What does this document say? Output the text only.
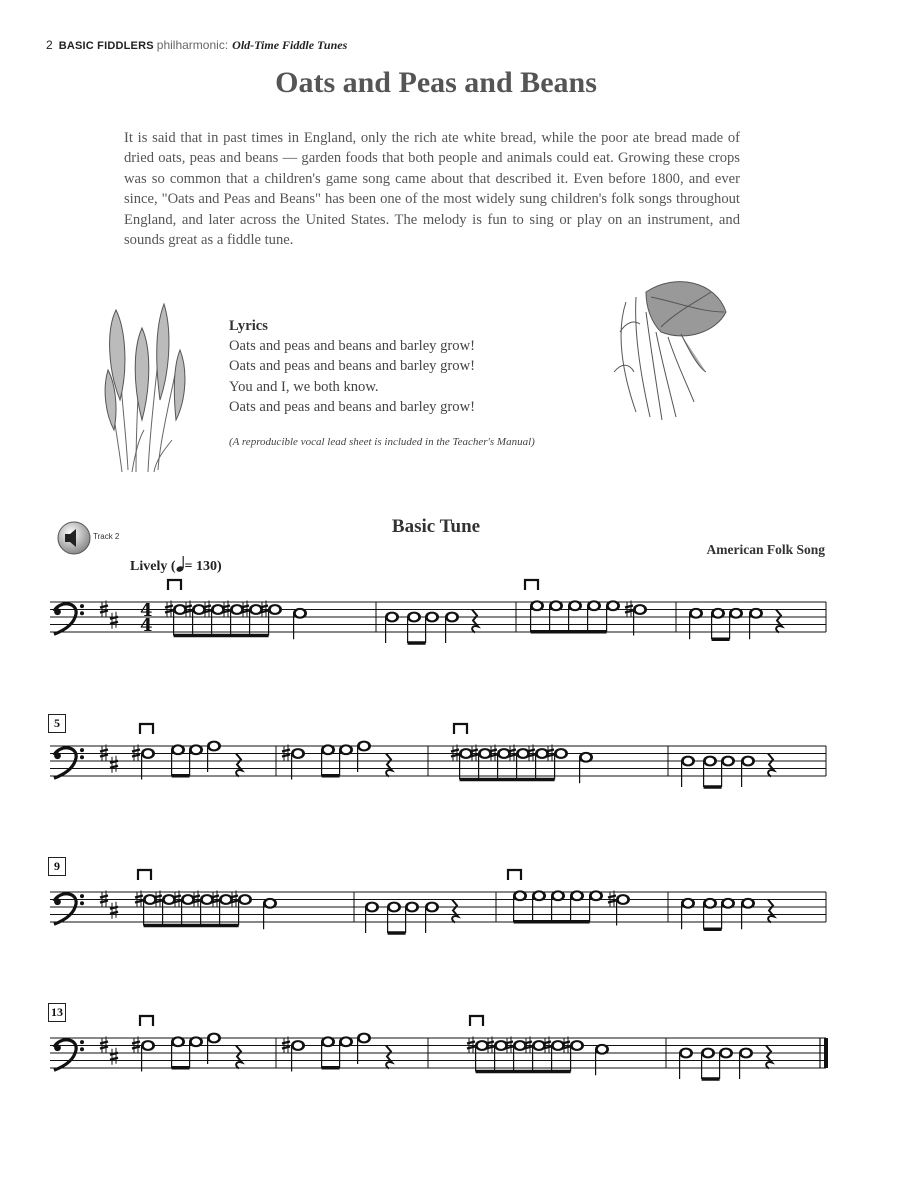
2 BASIC FIDDLERS philharmonic: Old-Time Fiddle Tunes
Oats and Peas and Beans
It is said that in past times in England, only the rich ate white bread, while the poor ate bread made of dried oats, peas and beans — garden foods that both people and animals could eat. Growing these crops was so common that a children's game song came about that described it. Even before 1800, and ever since, "Oats and Peas and Beans" has been one of the most widely sung children's folk songs throughout England, and later across the United States. The melody is fun to sing or play on an instrument, and sounds great as a fiddle tune.
Lyrics
Oats and peas and beans and barley grow!
Oats and peas and beans and barley grow!
You and I, we both know.
Oats and peas and beans and barley grow!
(A reproducible vocal lead sheet is included in the Teacher's Manual)
Track 2	Basic Tune
American Folk Song
Lively ( = 130)
5
9
13
4
4
